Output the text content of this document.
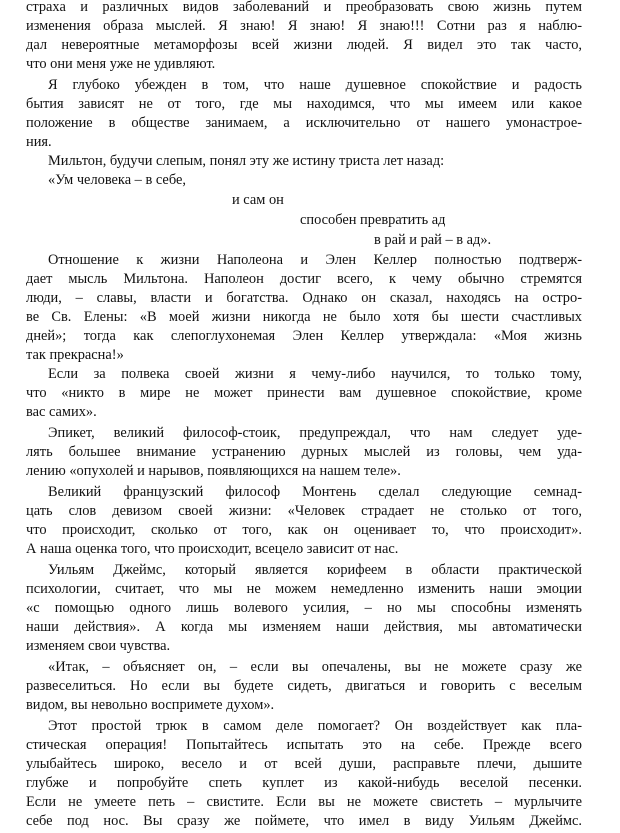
страха и различных видов заболеваний и преобразовать свою жизнь путем
изменения образа мыслей. Я знаю! Я знаю! Я знаю!!! Сотни раз я наблю-
дал невероятные метаморфозы всей жизни людей. Я видел это так часто,
что они меня уже не удивляют.
Я глубоко убежден в том, что наше душевное спокойствие и радость
бытия зависят не от того, где мы находимся, что мы имеем или какое
положение в обществе занимаем, а исключительно от нашего умонастрое-
ния.
Мильтон, будучи слепым, понял эту же истину триста лет назад:
«Ум человека – в себе,
и сам он
способен превратить ад
в рай и рай – в ад».
Отношение к жизни Наполеона и Элен Келлер полностью подтверж-
дает мысль Мильтона. Наполеон достиг всего, к чему обычно стремятся
люди, – славы, власти и богатства. Однако он сказал, находясь на остро-
ве Св. Елены: «В моей жизни никогда не было хотя бы шести счастливых
дней»; тогда как слепоглухонемая Элен Келлер утверждала: «Моя жизнь
так прекрасна!»
Если за полвека своей жизни я чему-либо научился, то только тому,
что «никто в мире не может принести вам душевное спокойствие, кроме
вас самих».
Эпикет, великий философ-стоик, предупреждал, что нам следует уде-
лять большее внимание устранению дурных мыслей из головы, чем уда-
лению «опухолей и нарывов, появляющихся на нашем теле».
Великий французский философ Монтень сделал следующие семнад-
цать слов девизом своей жизни: «Человек страдает не столько от того,
что происходит, сколько от того, как он оценивает то, что происходит».
А наша оценка того, что происходит, всецело зависит от нас.
Уильям Джеймс, который является корифеем в области практической
психологии, считает, что мы не можем немедленно изменить наши эмоции
«с помощью одного лишь волевого усилия, – но мы способны изменять
наши действия». А когда мы изменяем наши действия, мы автоматически
изменяем свои чувства.
«Итак, – объясняет он, – если вы опечалены, вы не можете сразу же
развеселиться. Но если вы будете сидеть, двигаться и говорить с веселым
видом, вы невольно воспримете духом».
Этот простой трюк в самом деле помогает? Он воздействует как пла-
стическая операция! Попытайтесь испытать это на себе. Прежде всего
улыбайтесь широко, весело и от всей души, расправьте плечи, дышите
глубже и попробуйте спеть куплет из какой-нибудь веселой песенки.
Если не умеете петь – свистите. Если вы не можете свистеть – мурлычите
себе под нос. Вы сразу же поймете, что имел в виду Уильям Джеймс.
